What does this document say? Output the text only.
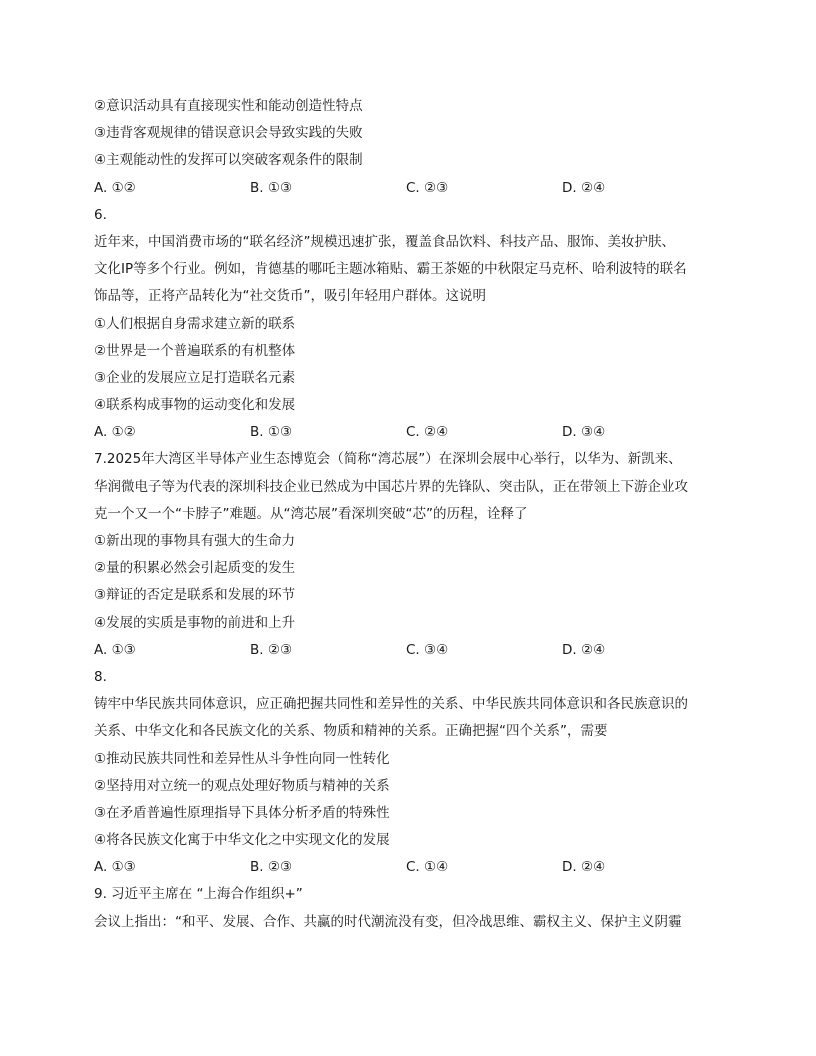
②意识活动具有直接现实性和能动创造性特点
③违背客观规律的错误意识会导致实践的失败
④主观能动性的发挥可以突破客观条件的限制
A. ①②	B. ①③	C. ②③	D. ②④
6.
近年来，中国消费市场的“联名经济”规模迅速扩张，覆盖食品饮料、科技产品、服饰、美妆护肤、
文化IP等多个行业。例如，肯德基的哪吒主题冰箱贴、霸王茶姬的中秋限定马克杯、哈利波特的联名
饰品等，正将产品转化为“社交货币”，吸引年轻用户群体。这说明
①人们根据自身需求建立新的联系
②世界是一个普遍联系的有机整体
③企业的发展应立足打造联名元素
④联系构成事物的运动变化和发展
A. ①②	B. ①③	C. ②④	D. ③④
7.2025年大湾区半导体产业生态博览会（简称“湾芯展”）在深圳会展中心举行，以华为、新凯来、
华润微电子等为代表的深圳科技企业已然成为中国芯片界的先锋队、突击队，正在带领上下游企业攻
克一个又一个“卡脖子”难题。从“湾芯展”看深圳突破“芯”的历程，诠释了
①新出现的事物具有强大的生命力
②量的积累必然会引起质变的发生
③辩证的否定是联系和发展的环节
④发展的实质是事物的前进和上升
A. ①③	B. ②③	C. ③④	D. ②④
8.
铸牢中华民族共同体意识，应正确把握共同性和差异性的关系、中华民族共同体意识和各民族意识的
关系、中华文化和各民族文化的关系、物质和精神的关系。正确把握“四个关系”，需要
①推动民族共同性和差异性从斗争性向同一性转化
②坚持用对立统一的观点处理好物质与精神的关系
③在矛盾普遍性原理指导下具体分析矛盾的特殊性
④将各民族文化寓于中华文化之中实现文化的发展
A. ①③	B. ②③	C. ①④	D. ②④
9. 习近平主席在 “上海合作组织+”
会议上指出：“和平、发展、合作、共赢的时代潮流没有变，但冷战思维、霸权主义、保护主义阴霾
